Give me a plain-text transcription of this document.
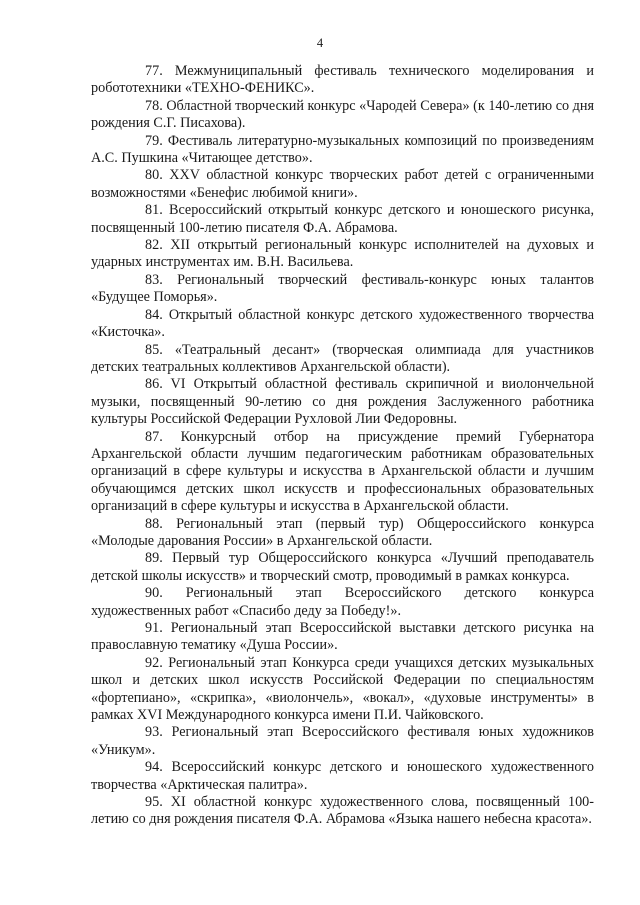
4

77. Межмуниципальный фестиваль технического моделирования и робототехники «ТЕХНО-ФЕНИКС».

78. Областной творческий конкурс «Чародей Севера» (к 140-летию со дня рождения С.Г. Писахова).

79. Фестиваль литературно-музыкальных композиций по произведениям А.С. Пушкина «Читающее детство».

80. XXV областной конкурс творческих работ детей с ограниченными возможностями «Бенефис любимой книги».

81. Всероссийский открытый конкурс детского и юношеского рисунка, посвященный 100-летию писателя Ф.А. Абрамова.

82. XII открытый региональный конкурс исполнителей на духовых и ударных инструментах им. В.Н. Васильева.

83. Региональный творческий фестиваль-конкурс юных талантов «Будущее Поморья».

84. Открытый областной конкурс детского художественного творчества «Кисточка».

85. «Театральный десант» (творческая олимпиада для участников детских театральных коллективов Архангельской области).

86. VI Открытый областной фестиваль скрипичной и виолончельной музыки, посвященный 90-летию со дня рождения Заслуженного работника культуры Российской Федерации Рухловой Лии Федоровны.

87. Конкурсный отбор на присуждение премий Губернатора Архангельской области лучшим педагогическим работникам образовательных организаций в сфере культуры и искусства в Архангельской области и лучшим обучающимся детских школ искусств и профессиональных образовательных организаций в сфере культуры и искусства в Архангельской области.

88. Региональный этап (первый тур) Общероссийского конкурса «Молодые дарования России» в Архангельской области.

89. Первый тур Общероссийского конкурса «Лучший преподаватель детской школы искусств» и творческий смотр, проводимый в рамках конкурса.

90. Региональный этап Всероссийского детского конкурса художественных работ «Спасибо деду за Победу!».

91. Региональный этап Всероссийской выставки детского рисунка на православную тематику «Душа России».

92. Региональный этап Конкурса среди учащихся детских музыкальных школ и детских школ искусств Российской Федерации по специальностям «фортепиано», «скрипка», «виолончель», «вокал», «духовые инструменты» в рамках XVI Международного конкурса имени П.И. Чайковского.

93. Региональный этап Всероссийского фестиваля юных художников «Уникум».

94. Всероссийский конкурс детского и юношеского художественного творчества «Арктическая палитра».

95. XI областной конкурс художественного слова, посвященный 100-летию со дня рождения писателя Ф.А. Абрамова «Языка нашего небесна красота».
